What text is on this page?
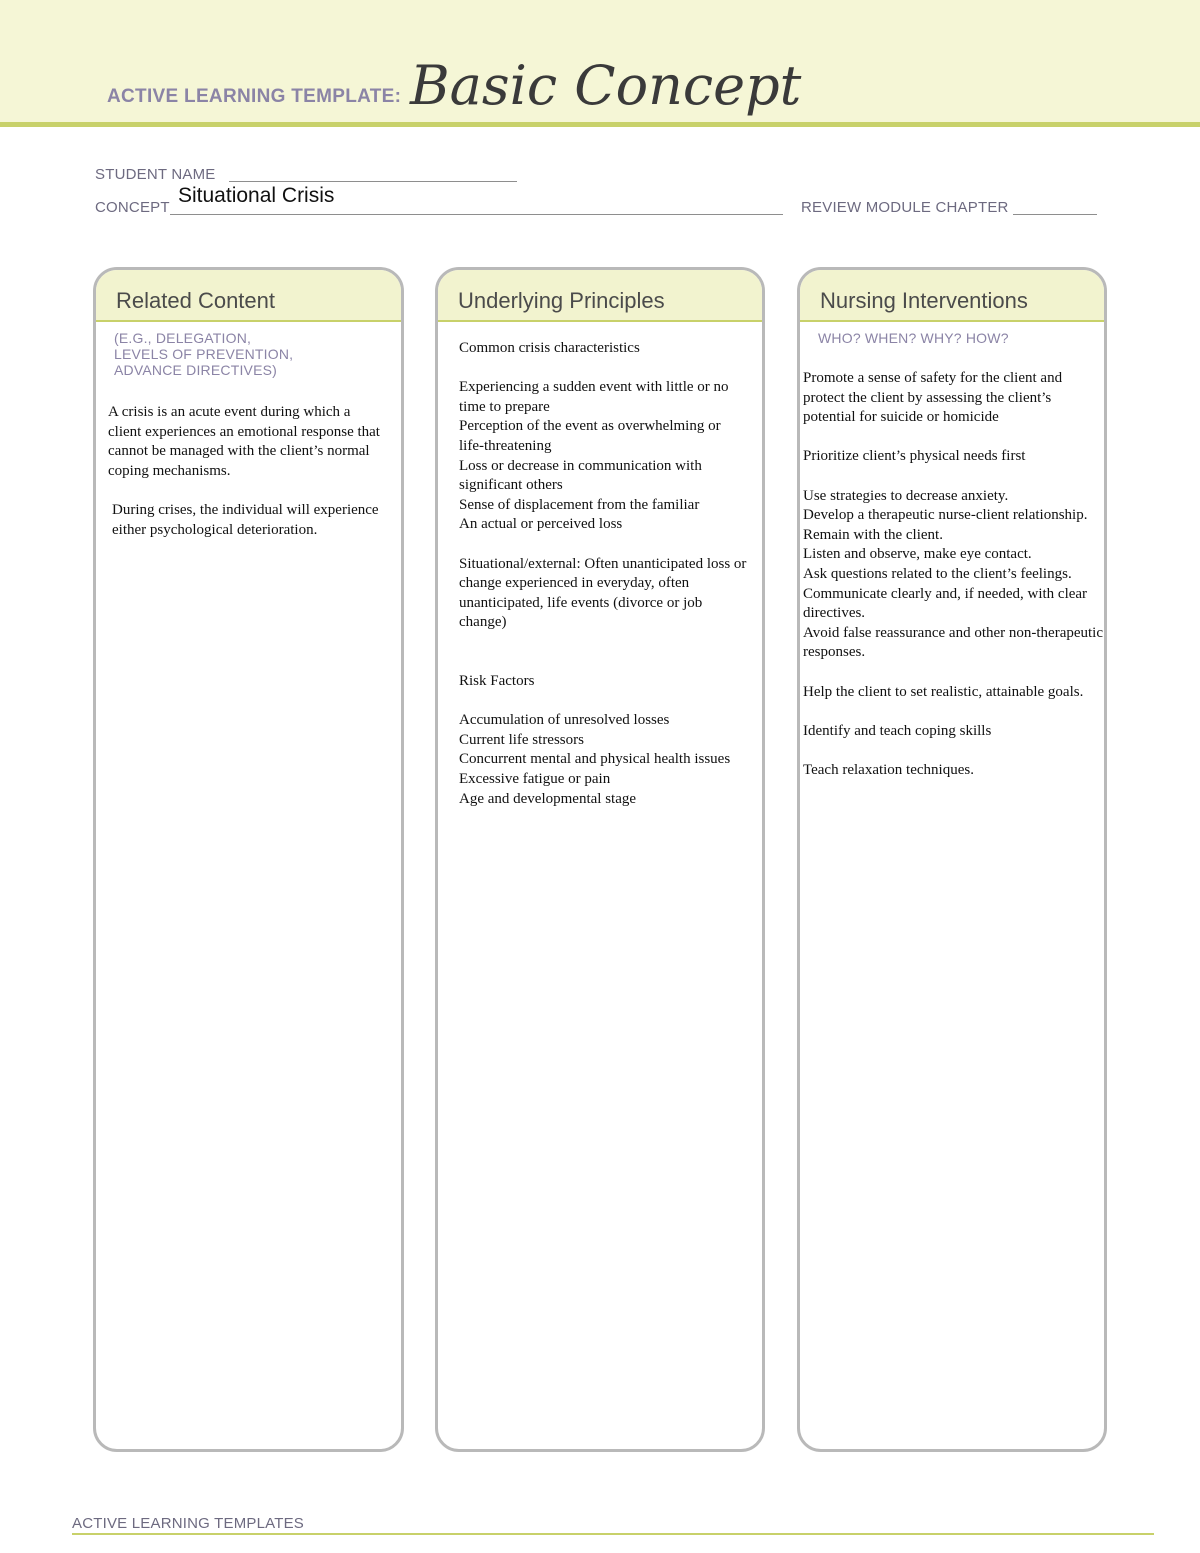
ACTIVE LEARNING TEMPLATE: Basic Concept
STUDENT NAME
CONCEPT
Situational Crisis
REVIEW MODULE CHAPTER
Related Content
(E.G., DELEGATION,
LEVELS OF PREVENTION,
ADVANCE DIRECTIVES)

A crisis is an acute event during which a client experiences an emotional response that cannot be managed with the client’s normal coping mechanisms.

During crises, the individual will experience either psychological deterioration.

Underlying Principles

Common crisis characteristics

Experiencing a sudden event with little or no time to prepare

Perception of the event as overwhelming or life-threatening

Loss or decrease in communication with significant others

Sense of displacement from the familiar

An actual or perceived loss

Situational/external: Often unanticipated loss or change experienced in everyday, often unanticipated, life events (divorce or job change)

Risk Factors

Accumulation of unresolved losses

Current life stressors

Concurrent mental and physical health issues

Excessive fatigue or pain

Age and developmental stage

Nursing Interventions
WHO? WHEN? WHY? HOW?

Promote a sense of safety for the client and protect the client by assessing the client’s potential for suicide or homicide

Prioritize client’s physical needs first

Use strategies to decrease anxiety.

Develop a therapeutic nurse-client relationship.

Remain with the client.

Listen and observe, make eye contact.

Ask questions related to the client’s feelings.

Communicate clearly and, if needed, with clear directives.

Avoid false reassurance and other non-therapeutic responses.

Help the client to set realistic, attainable goals.

Identify and teach coping skills

Teach relaxation techniques.

ACTIVE LEARNING TEMPLATES
